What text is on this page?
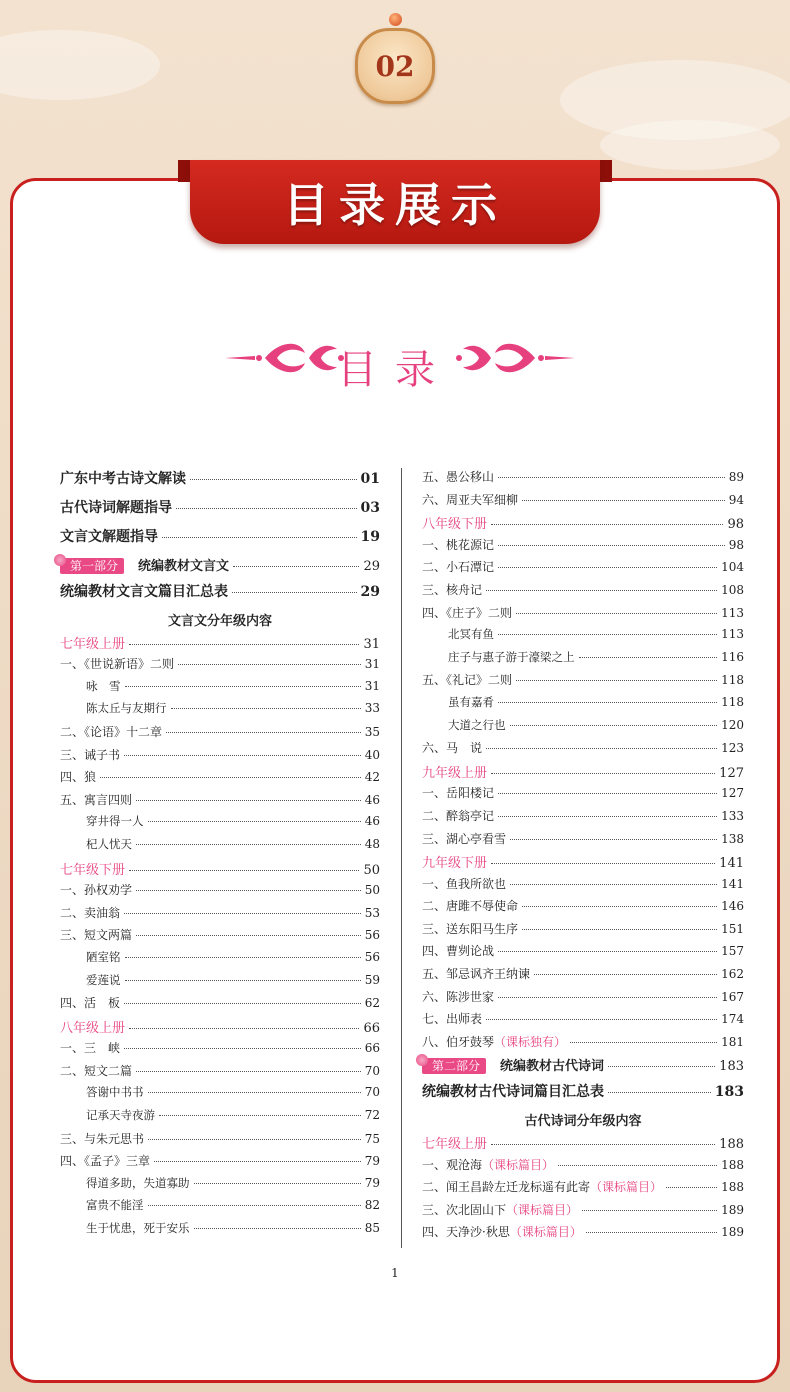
02
目录展示
目录
广东中考古诗文解读	01
古代诗词解题指导	03
文言文解题指导	19
第一部分 统编教材文言文	29
统编教材文言文篇目汇总表	29
文言文分年级内容
七年级上册	31
一、《世说新语》二则	31
咏　雪	31
陈太丘与友期行	33
二、《论语》十二章	35
三、诫子书	40
四、狼	42
五、寓言四则	46
穿井得一人	46
杞人忧天	48
七年级下册	50
一、孙权劝学	50
二、卖油翁	53
三、短文两篇	56
陋室铭	56
爱莲说	59
四、活　板	62
八年级上册	66
一、三　峡	66
二、短文二篇	70
答谢中书书	70
记承天寺夜游	72
三、与朱元思书	75
四、《孟子》三章	79
得道多助，失道寡助	79
富贵不能淫	82
生于忧患，死于安乐	85
五、愚公移山	89
六、周亚夫军细柳	94
八年级下册	98
一、桃花源记	98
二、小石潭记	104
三、核舟记	108
四、《庄子》二则	113
北冥有鱼	113
庄子与惠子游于濠梁之上	116
五、《礼记》二则	118
虽有嘉肴	118
大道之行也	120
六、马　说	123
九年级上册	127
一、岳阳楼记	127
二、醉翁亭记	133
三、湖心亭看雪	138
九年级下册	141
一、鱼我所欲也	141
二、唐雎不辱使命	146
三、送东阳马生序	151
四、曹刿论战	157
五、邹忌讽齐王纳谏	162
六、陈涉世家	167
七、出师表	174
八、伯牙鼓琴（课标独有）	181
第二部分 统编教材古代诗词	183
统编教材古代诗词篇目汇总表	183
古代诗词分年级内容
七年级上册	188
一、观沧海（课标篇目）	188
二、闻王昌龄左迁龙标遥有此寄（课标篇目）	188
三、次北固山下（课标篇目）	189
四、天净沙·秋思（课标篇目）	189
1
